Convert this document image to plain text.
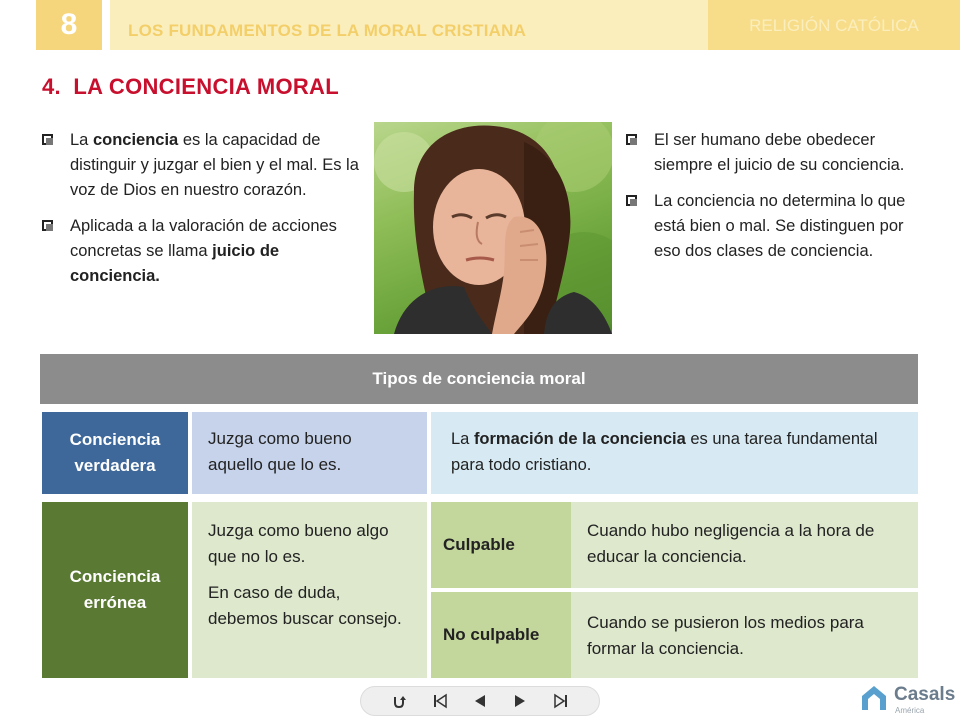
8	LOS FUNDAMENTOS DE LA MORAL CRISTIANA	RELIGIÓN CATÓLICA
4. LA CONCIENCIA MORAL
La conciencia es la capacidad de distinguir y juzgar el bien y el mal. Es la voz de Dios en nuestro corazón.
Aplicada a la valoración de acciones concretas se llama juicio de conciencia.
El ser humano debe obedecer siempre el juicio de su conciencia.
La conciencia no determina lo que está bien o mal. Se distinguen por eso dos clases de conciencia.
Tipos de conciencia moral
Conciencia
verdadera
Juzga como bueno aquello que lo es.
La formación de la conciencia es una tarea fundamental para todo cristiano.
Conciencia
errónea

Juzga como bueno algo que no lo es.

En caso de duda, debemos buscar consejo.

Culpable
Cuando hubo negligencia a la hora de educar la conciencia.
No culpable
Cuando se pusieron los medios para formar la conciencia.
Casals
América
